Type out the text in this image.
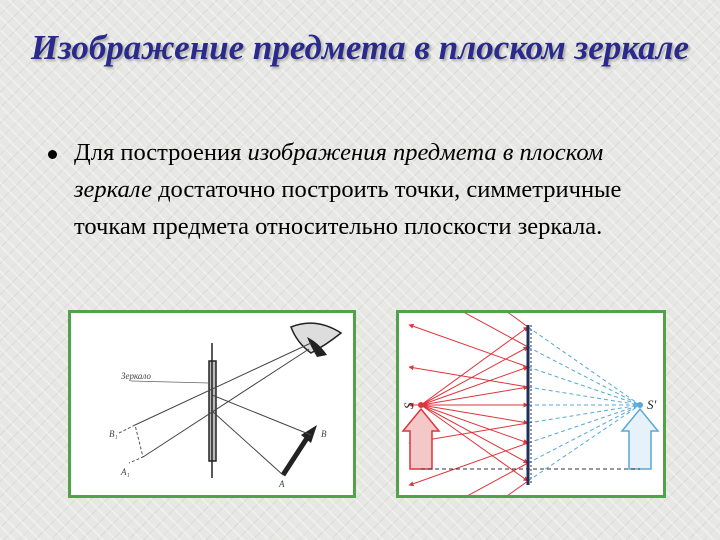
Изображение предмета в плоском зеркале
Для построения изображения предмета в плоском зеркале достаточно построить точки, симметричные точкам предмета относительно плоскости зеркала.
Зеркало
B₁	B
A₁
A
S	S'
